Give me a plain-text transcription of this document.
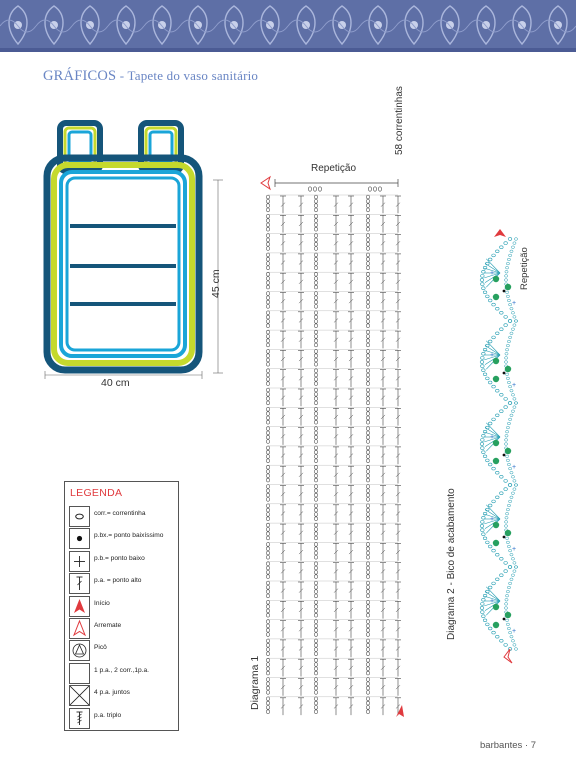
GRÁFICOS - Tapete do vaso sanitário
45 cm
40 cm
Repetição
58 correntinhas
Diagrama 1
+
+
+
+
+
+
+
+
+
+
Repetição
Diagrama 2 - Bico de acabamento
LEGENDA
corr.= correntinha
p.bx.= ponto baixíssimo
p.b.= ponto baixo
p.a. = ponto alto
Início
Arremate
Picô
1 p.a., 2 corr.,1p.a.
4 p.a. juntos
p.a. triplo
barbantes · 7
